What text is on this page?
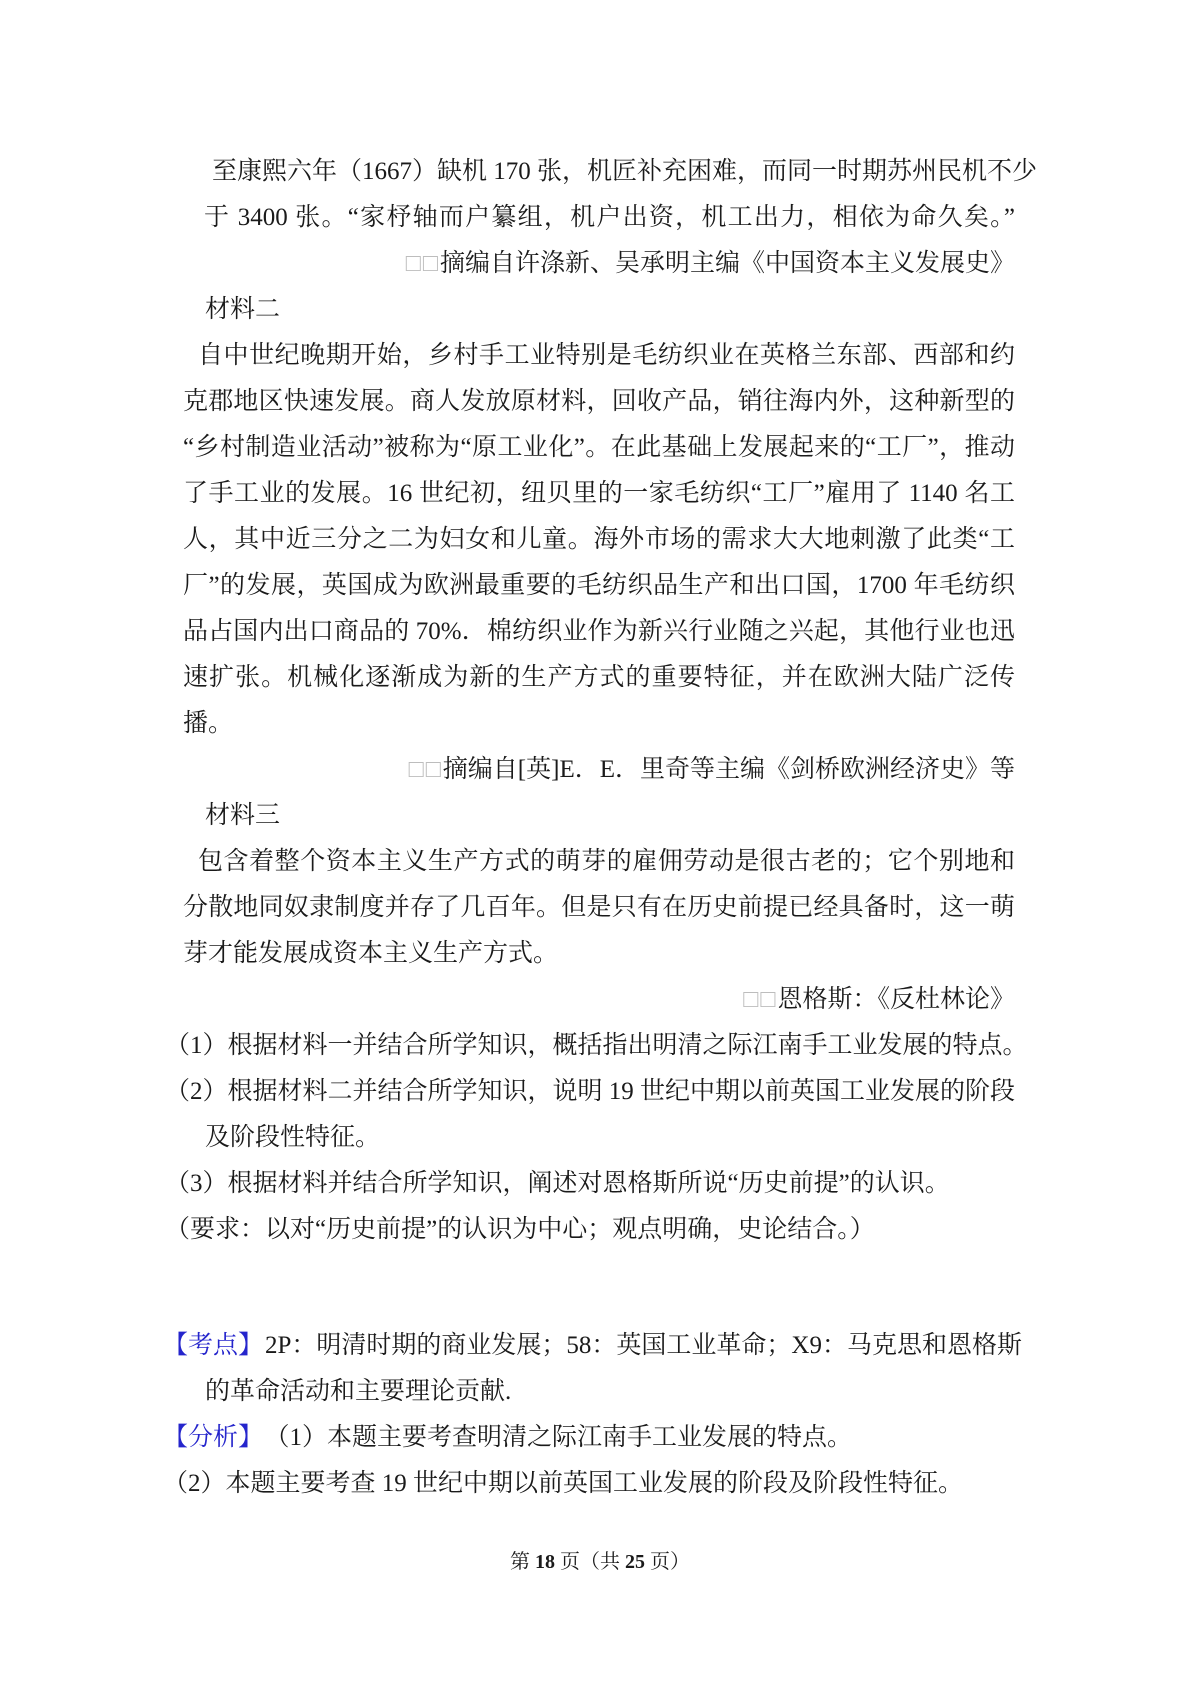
至康熙六年（1667）缺机 170 张，机匠补充困难，而同一时期苏州民机不少
于 3400 张。“家杼轴而户纂组，机户出资，机工出力，相依为命久矣。”
□□摘编自许涤新、吴承明主编《中国资本主义发展史》
材料二
自中世纪晚期开始，乡村手工业特别是毛纺织业在英格兰东部、西部和约
克郡地区快速发展。商人发放原材料，回收产品，销往海内外，这种新型的
“乡村制造业活动”被称为“原工业化”。在此基础上发展起来的“工厂”，推动
了手工业的发展。16 世纪初，纽贝里的一家毛纺织“工厂”雇用了 1140 名工
人，其中近三分之二为妇女和儿童。海外市场的需求大大地刺激了此类“工
厂”的发展，英国成为欧洲最重要的毛纺织品生产和出口国，1700 年毛纺织
品占国内出口商品的 70%．棉纺织业作为新兴行业随之兴起，其他行业也迅
速扩张。机械化逐渐成为新的生产方式的重要特征，并在欧洲大陆广泛传
播。
□□摘编自[英]E．E．里奇等主编《剑桥欧洲经济史》等
材料三
包含着整个资本主义生产方式的萌芽的雇佣劳动是很古老的；它个别地和
分散地同奴隶制度并存了几百年。但是只有在历史前提已经具备时，这一萌
芽才能发展成资本主义生产方式。
□□恩格斯：《反杜林论》
（1）根据材料一并结合所学知识，概括指出明清之际江南手工业发展的特点。
（2）根据材料二并结合所学知识，说明 19 世纪中期以前英国工业发展的阶段
及阶段性特征。
（3）根据材料并结合所学知识，阐述对恩格斯所说“历史前提”的认识。
（要求：以对“历史前提”的认识为中心；观点明确，史论结合。）
【考点】2P：明清时期的商业发展；58：英国工业革命；X9：马克思和恩格斯
的革命活动和主要理论贡献.
【分析】 （1）本题主要考查明清之际江南手工业发展的特点。
（2）本题主要考查 19 世纪中期以前英国工业发展的阶段及阶段性特征。
第 18 页（共 25 页）
